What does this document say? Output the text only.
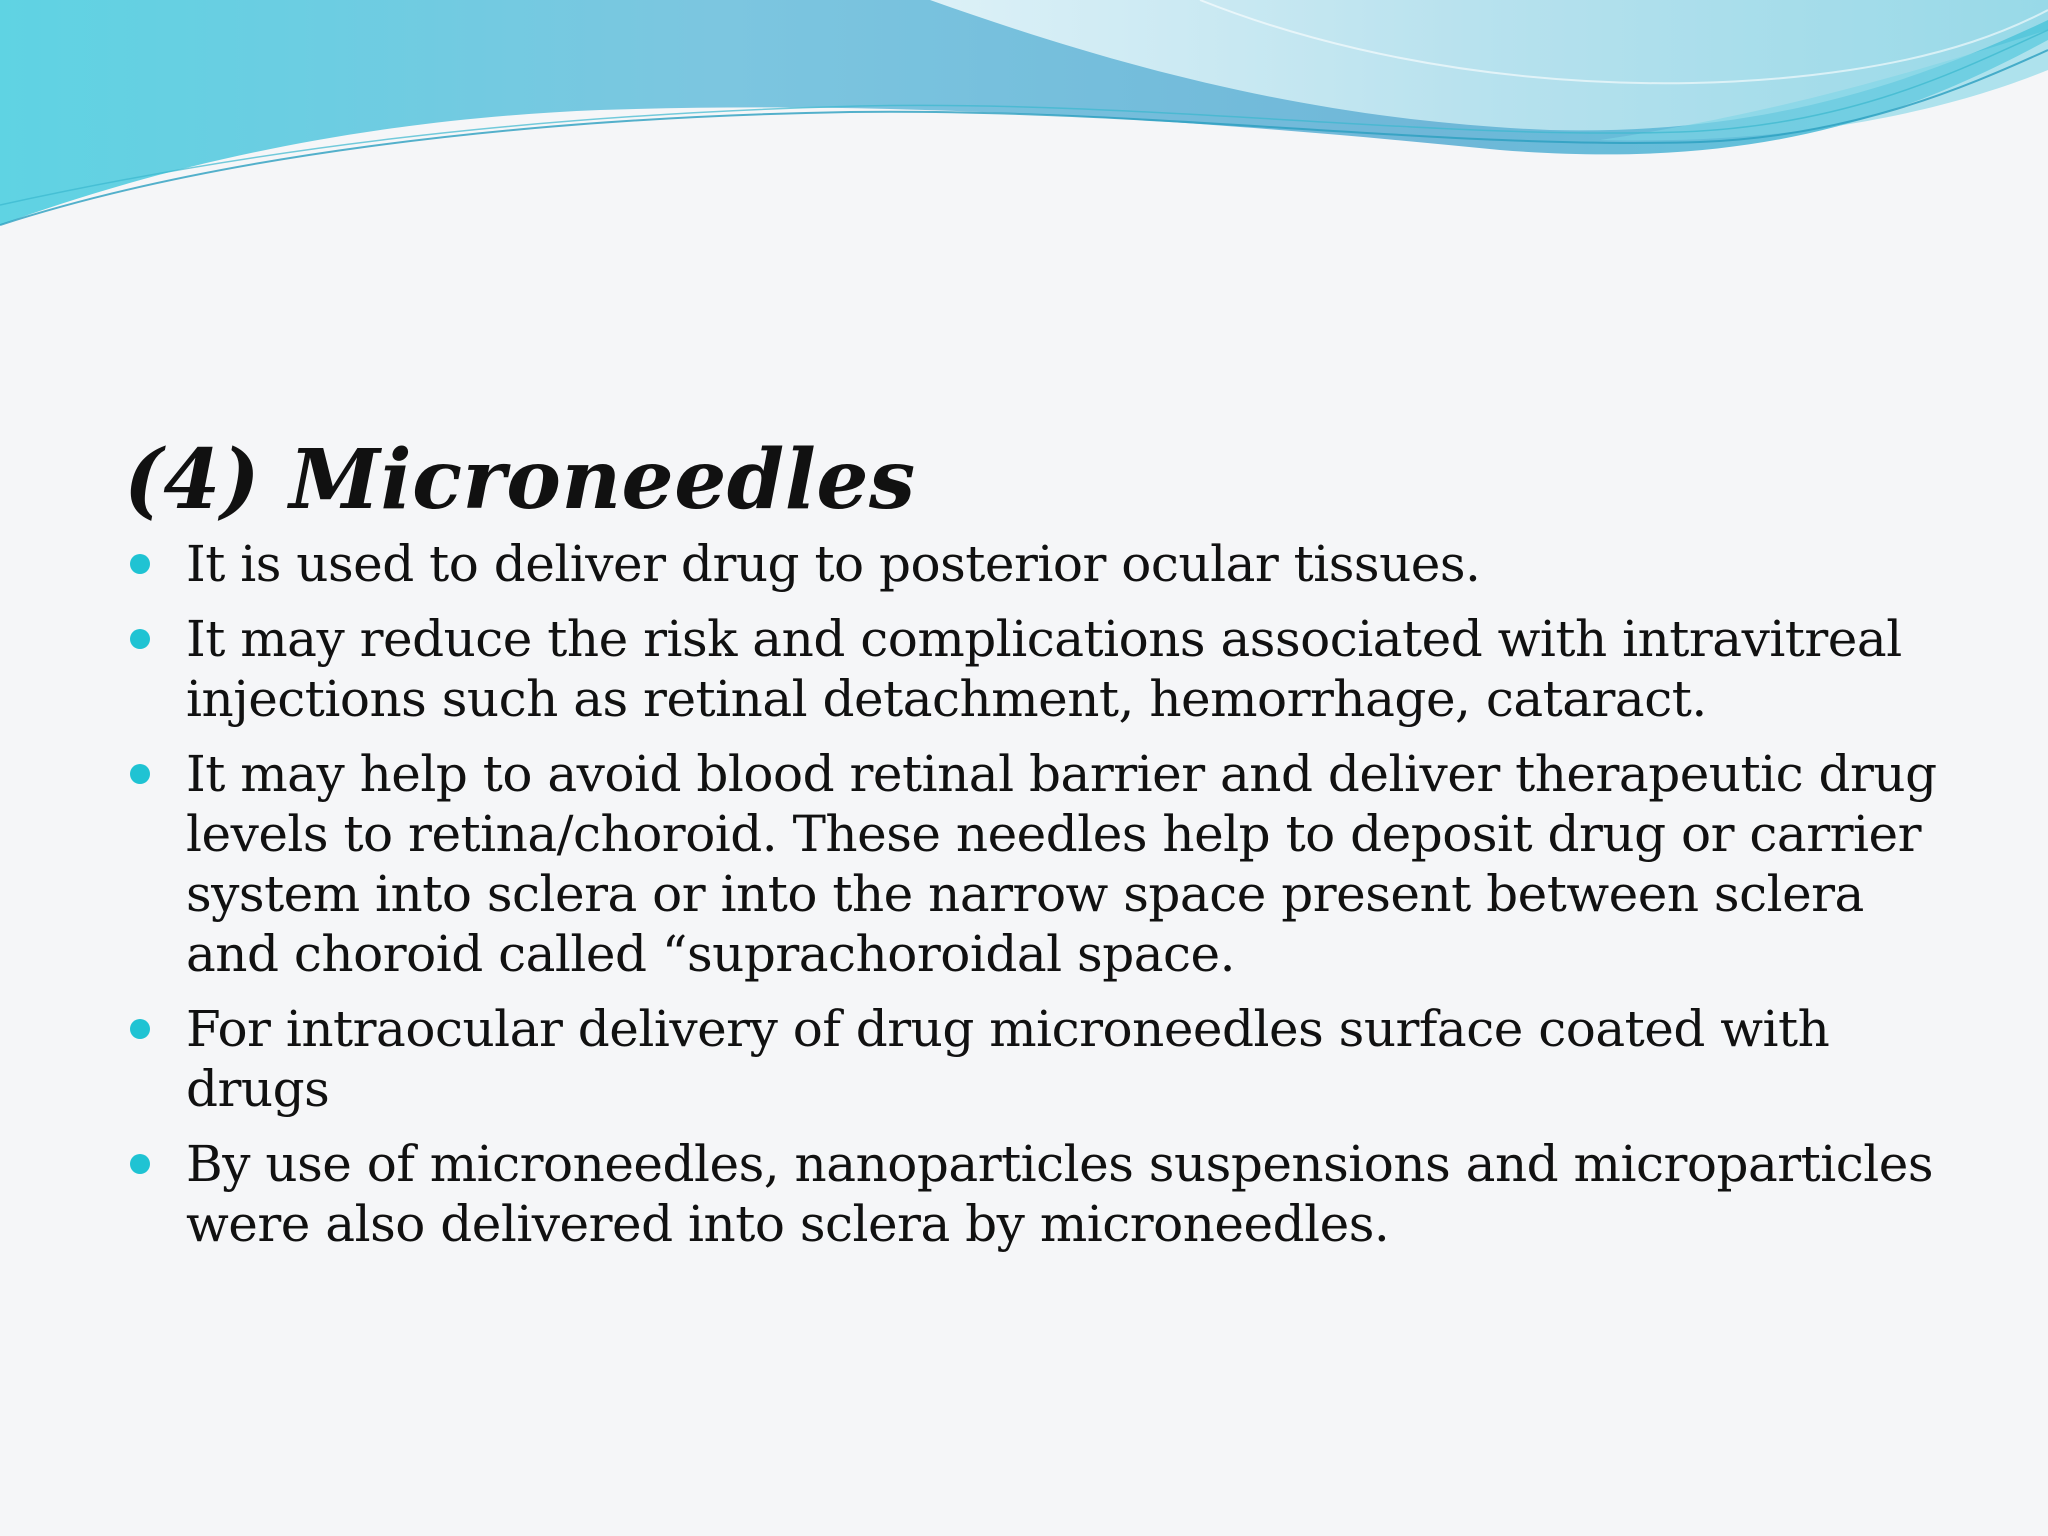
(4) Microneedles
It is used to deliver drug to posterior ocular tissues.
It may reduce the risk and complications associated with intravitreal injections such as retinal detachment, hemorrhage, cataract.
It may help to avoid blood retinal barrier and deliver therapeutic drug levels to retina/choroid. These needles help to deposit drug or carrier system into sclera or into the narrow space present between sclera and choroid called “suprachoroidal space.
For intraocular delivery of drug microneedles surface coated with drugs
By use of microneedles, nanoparticles suspensions and microparticles were also delivered into sclera by microneedles.
